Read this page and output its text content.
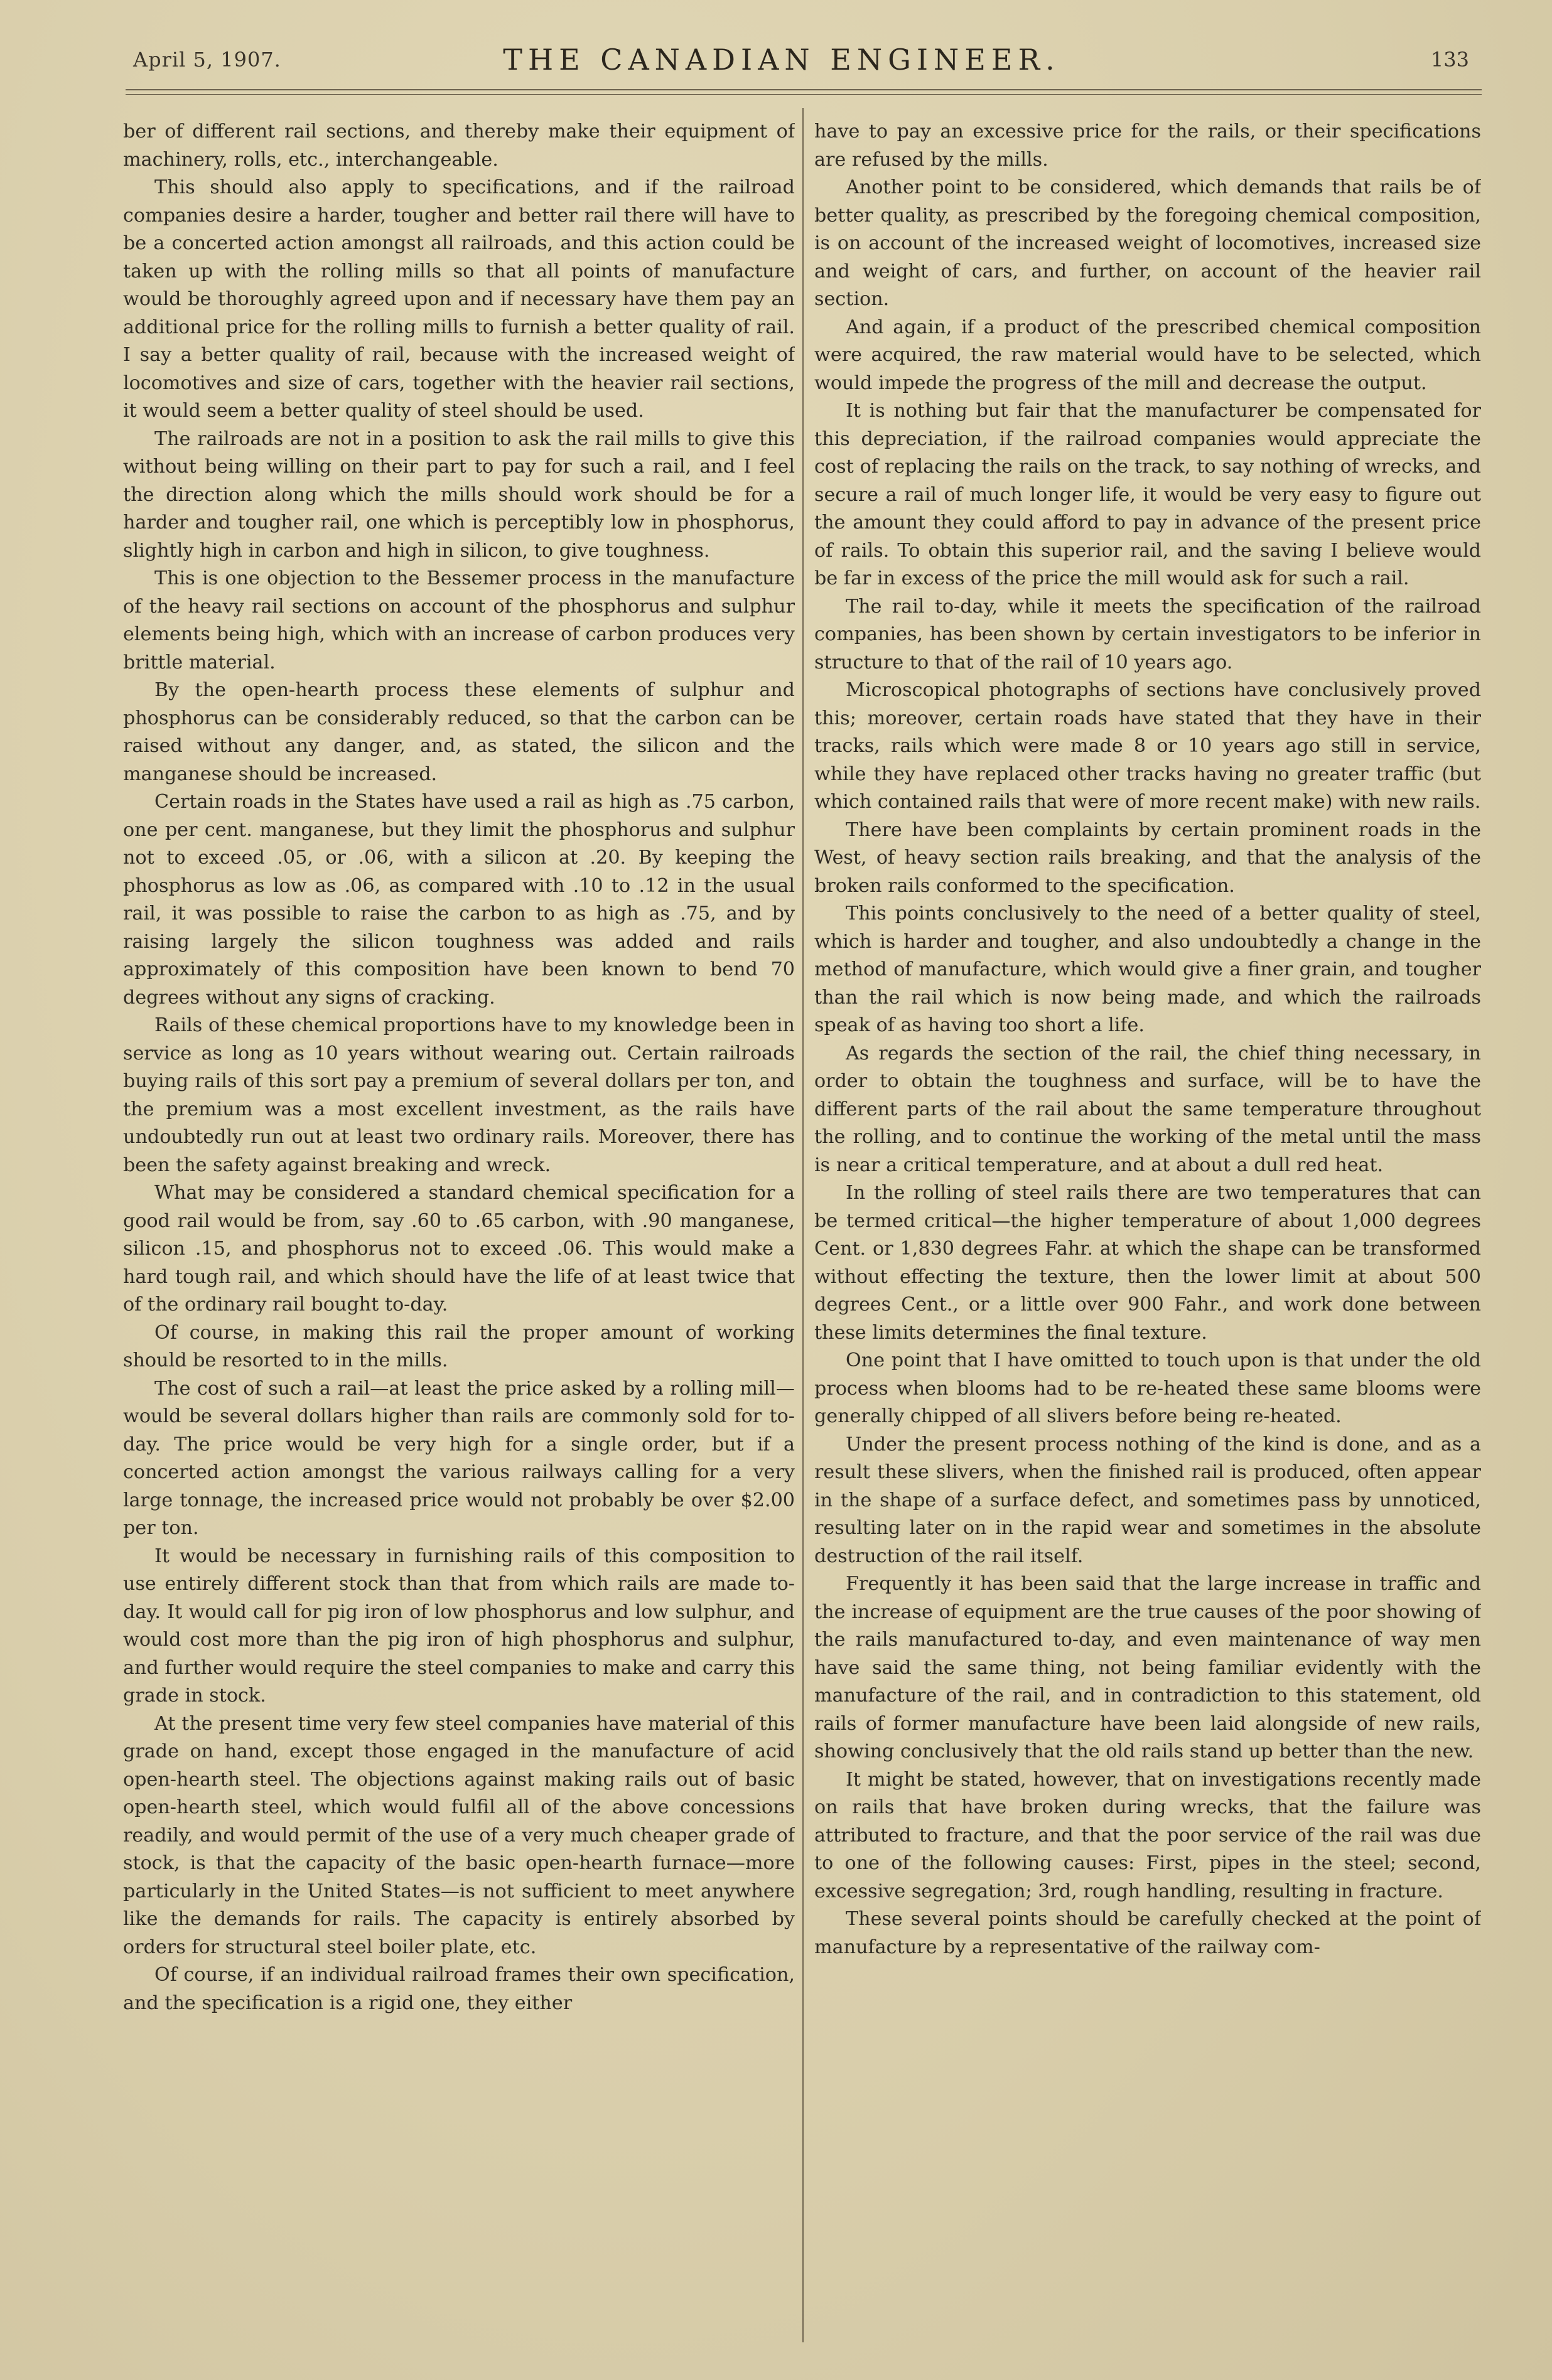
April 5, 1907.	THE CANADIAN ENGINEER.	133

ber of different rail sections, and thereby make their equipment of machinery, rolls, etc., interchangeable.

This should also apply to specifications, and if the railroad companies desire a harder, tougher and better rail there will have to be a concerted action amongst all railroads, and this action could be taken up with the rolling mills so that all points of manufacture would be thoroughly agreed upon and if necessary have them pay an additional price for the rolling mills to furnish a better quality of rail. I say a better quality of rail, because with the increased weight of locomotives and size of cars, together with the heavier rail sections, it would seem a better quality of steel should be used.

The railroads are not in a position to ask the rail mills to give this without being willing on their part to pay for such a rail, and I feel the direction along which the mills should work should be for a harder and tougher rail, one which is perceptibly low in phosphorus, slightly high in carbon and high in silicon, to give toughness.

This is one objection to the Bessemer process in the manufacture of the heavy rail sections on account of the phosphorus and sulphur elements being high, which with an increase of carbon produces very brittle material.

By the open-hearth process these elements of sulphur and phosphorus can be considerably reduced, so that the carbon can be raised without any danger, and, as stated, the silicon and the manganese should be increased.

Certain roads in the States have used a rail as high as .75 carbon, one per cent. manganese, but they limit the phosphorus and sulphur not to exceed .05, or .06, with a silicon at .20. By keeping the phosphorus as low as .06, as compared with .10 to .12 in the usual rail, it was possible to raise the carbon to as high as .75, and by raising largely the silicon toughness was added and rails approximately of this composition have been known to bend 70 degrees without any signs of cracking.

Rails of these chemical proportions have to my knowledge been in service as long as 10 years without wearing out. Certain railroads buying rails of this sort pay a premium of several dollars per ton, and the premium was a most excellent investment, as the rails have undoubtedly run out at least two ordinary rails. Moreover, there has been the safety against breaking and wreck.

What may be considered a standard chemical specification for a good rail would be from, say .60 to .65 carbon, with .90 manganese, silicon .15, and phosphorus not to exceed .06. This would make a hard tough rail, and which should have the life of at least twice that of the ordinary rail bought to-day.

Of course, in making this rail the proper amount of working should be resorted to in the mills.

The cost of such a rail—at least the price asked by a rolling mill—would be several dollars higher than rails are commonly sold for to-day. The price would be very high for a single order, but if a concerted action amongst the various railways calling for a very large tonnage, the increased price would not probably be over $2.00 per ton.

It would be necessary in furnishing rails of this composition to use entirely different stock than that from which rails are made to-day. It would call for pig iron of low phosphorus and low sulphur, and would cost more than the pig iron of high phosphorus and sulphur, and further would require the steel companies to make and carry this grade in stock.

At the present time very few steel companies have material of this grade on hand, except those engaged in the manufacture of acid open-hearth steel. The objections against making rails out of basic open-hearth steel, which would fulfil all of the above concessions readily, and would permit of the use of a very much cheaper grade of stock, is that the capacity of the basic open-hearth furnace—more particularly in the United States—is not sufficient to meet anywhere like the demands for rails. The capacity is entirely absorbed by orders for structural steel boiler plate, etc.

Of course, if an individual railroad frames their own specification, and the specification is a rigid one, they either

have to pay an excessive price for the rails, or their specifications are refused by the mills.

Another point to be considered, which demands that rails be of better quality, as prescribed by the foregoing chemical composition, is on account of the increased weight of locomotives, increased size and weight of cars, and further, on account of the heavier rail section.

And again, if a product of the prescribed chemical composition were acquired, the raw material would have to be selected, which would impede the progress of the mill and decrease the output.

It is nothing but fair that the manufacturer be compensated for this depreciation, if the railroad companies would appreciate the cost of replacing the rails on the track, to say nothing of wrecks, and secure a rail of much longer life, it would be very easy to figure out the amount they could afford to pay in advance of the present price of rails. To obtain this superior rail, and the saving I believe would be far in excess of the price the mill would ask for such a rail.

The rail to-day, while it meets the specification of the railroad companies, has been shown by certain investigators to be inferior in structure to that of the rail of 10 years ago.

Microscopical photographs of sections have conclusively proved this; moreover, certain roads have stated that they have in their tracks, rails which were made 8 or 10 years ago still in service, while they have replaced other tracks having no greater traffic (but which contained rails that were of more recent make) with new rails.

There have been complaints by certain prominent roads in the West, of heavy section rails breaking, and that the analysis of the broken rails conformed to the specification.

This points conclusively to the need of a better quality of steel, which is harder and tougher, and also undoubtedly a change in the method of manufacture, which would give a finer grain, and tougher than the rail which is now being made, and which the railroads speak of as having too short a life.

As regards the section of the rail, the chief thing necessary, in order to obtain the toughness and surface, will be to have the different parts of the rail about the same temperature throughout the rolling, and to continue the working of the metal until the mass is near a critical temperature, and at about a dull red heat.

In the rolling of steel rails there are two temperatures that can be termed critical—the higher temperature of about 1,000 degrees Cent. or 1,830 degrees Fahr. at which the shape can be transformed without effecting the texture, then the lower limit at about 500 degrees Cent., or a little over 900 Fahr., and work done between these limits determines the final texture.

One point that I have omitted to touch upon is that under the old process when blooms had to be re-heated these same blooms were generally chipped of all slivers before being re-heated.

Under the present process nothing of the kind is done, and as a result these slivers, when the finished rail is produced, often appear in the shape of a surface defect, and sometimes pass by unnoticed, resulting later on in the rapid wear and sometimes in the absolute destruction of the rail itself.

Frequently it has been said that the large increase in traffic and the increase of equipment are the true causes of the poor showing of the rails manufactured to-day, and even maintenance of way men have said the same thing, not being familiar evidently with the manufacture of the rail, and in contradiction to this statement, old rails of former manufacture have been laid alongside of new rails, showing conclusively that the old rails stand up better than the new.

It might be stated, however, that on investigations recently made on rails that have broken during wrecks, that the failure was attributed to fracture, and that the poor service of the rail was due to one of the following causes: First, pipes in the steel; second, excessive segregation; 3rd, rough handling, resulting in fracture.

These several points should be carefully checked at the point of manufacture by a representative of the railway com-
